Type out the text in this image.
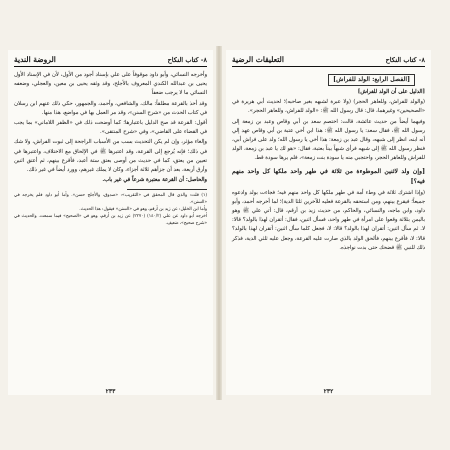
٨- كتاب النكاح
الروضة الندية

وأخرجه النسائي، وأبو داود موقوفاً على علي بإسناد أجود من الأول، لأن في الإسناد الأول يحيى بن عبدالله الكندي المعروف بالأجلح، وقد وثقه يحيى بن معين، والعجلي، وضعفه النسائي ما لا يرجب ضعفاً

وقد أخذ بالقرعة مطلقاً: مالك، والشافعي، وأحمد، والجمهور، حكي ذلك عنهم ابن رسلان في كتاب الحدث من «شرح السنن»، وقد مر العمل بها في مواضع، هذا منها.

أقول: القرعة قد صح الدليل باعتبارها؛ كما أوضحت ذلك في «الظفر اللاماني» بما يجب في القضاء على القاضي»، وفي «شرح المنتقى».

وإلغاء مؤثر، وإن لم يكن التحديث بسب من الأسباب الراجحة إلى ثبوت الفراش، ولا شك في ذلك؛ فإنه يُرجع إلى القرعة، وقد اعتبرها ﷺ في الإلحاق مع الاختلاف، واعتبرها في تعيين من يعتق، كما في حديث من أوصى بعتق ستة أعبد، فأقرع بينهم، ثم أعتق اثنين وأرق أربعة، بعد أن جزأهم ثلاثة أجزاء، وكان لا يملك غيرهم، وورد أيضاً في غير ذلك.

والحاصل: أن القرعة معتبرة شرعاً في غير باب.

(١) قلت: والذي قال المحقق في «التقريب»: «صدوق، والأجلح حسن». وأما أبو داود فلم يخرجه في «السنن».

وأما ابن الخليل: عن زيد بن أرقم، وهو في «السنن» فيقول: هذا الحديث.

أخرجه أبو داود عن علي (١٤٠/٢) (٢٢٧٠) عن زيد بن أرقم، وهو في «الصحيح» فيما سمعت. والحديث في «شرح صحيح»، ضعيف.

٢٣٣
٨- كتاب النكاح
التعليقات الرضية
[الفصل الرابع: الولد للفراش]

[الدليل على أن الولد للفراش]

(والولد للفراش، وللعاهر الحجر) (ولا عبرة لشبهه بغير صاحبه)؛ لحديث أبي هريرة في «الصحيحين» وغيرهما، قال: قال رسول الله ﷺ: «الولد للفراش، وللعاهر الحجر».

وفيهما أيضاً من حديث عائشة، قالت: اختصم سعد بن أبي وقاص وعبد بن زمعة إلى رسول الله ﷺ، فقال سعد: يا رسول الله ﷺ: هذا ابن أخي عتبة بن أبي وقاص عهد إلي أنه ابنه، انظر إلى شبهه، وقال عبد بن زمعة: هذا أخي يا رسول الله؛ ولد على فراش أبي، فنظر رسول الله ﷺ إلى شبهه فرأى شبهاً بيناً بعتبة، فقال: «هو لك يا عبد بن زمعة، الولد للفراش وللعاهر الحجر، واحتجبي منه يا سودة بنت زمعة»، فلم يرها سودة قط.

[وإن ولد لاثنين الموطوءة من ثلاثة في طهر واحد ملكها كل واحد منهم فيه؟]

(وإذا اشترك ثلاثة في وطء أمة في طهر ملكها كل واحد منهم فيه؛ فجاءت بولد وادعوه جميعاً؛ فيقرع بينهم، ومن استحقه بالقرعة فعليه للآخرين ثلثا الدية)؛ لما أخرجه أحمد، وأبو داود، وابن ماجه، والنسائي، والحاكم، من حديث زيد بن أرقم، قال: أتي علي ﷺ وهو باليمن بثلاثة وقعوا على امرأة في طهر واحد، فسأل اثنين، فقال: أتقران لهذا بالولد؟ قالا: لا. ثم سأل اثنين: أتقران لهذا بالولد؟ قالا: لا، فجعل كلما سأل اثنين: أتقران لهذا بالولد؟ قالا: لا، فأقرع بينهم، فألحق الولد بالذي صارت عليه القرعة، وجعل عليه ثلثي الدية، فذكر ذلك للنبي ﷺ فضحك حتى بدت نواجذه.

٢٣٢
